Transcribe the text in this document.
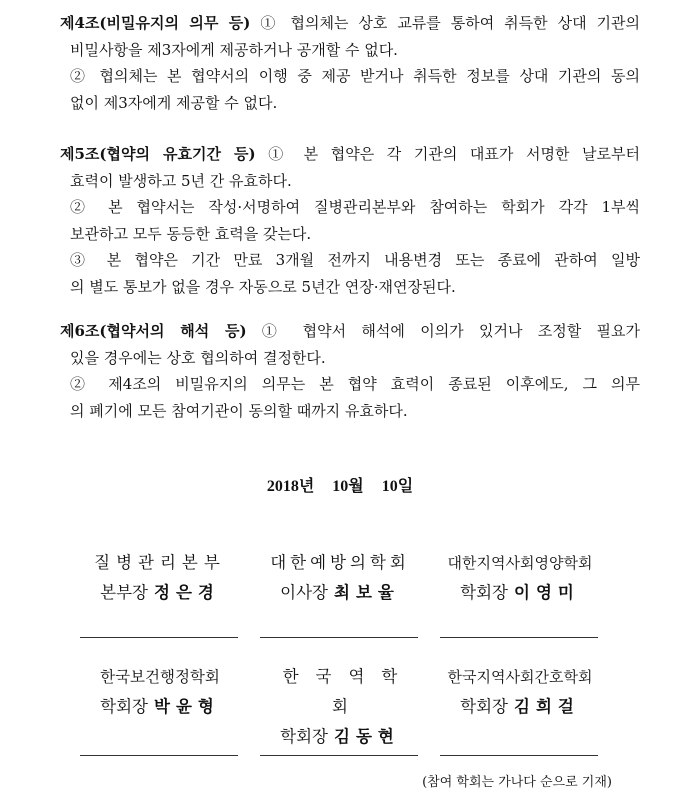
제4조(비밀유지의 의무 등) ① 협의체는 상호 교류를 통하여 취득한 상대 기관의
비밀사항을 제3자에게 제공하거나 공개할 수 없다.
② 협의체는 본 협약서의 이행 중 제공 받거나 취득한 정보를 상대 기관의 동의
없이 제3자에게 제공할 수 없다.
제5조(협약의 유효기간 등) ① 본 협약은 각 기관의 대표가 서명한 날로부터
효력이 발생하고 5년 간 유효하다.
② 본 협약서는 작성·서명하여 질병관리본부와 참여하는 학회가 각각 1부씩
보관하고 모두 동등한 효력을 갖는다.
③ 본 협약은 기간 만료 3개월 전까지 내용변경 또는 종료에 관하여 일방
의 별도 통보가 없을 경우 자동으로 5년간 연장·재연장된다.
제6조(협약서의 해석 등) ① 협약서 해석에 이의가 있거나 조정할 필요가
있을 경우에는 상호 협의하여 결정한다.
② 제4조의 비밀유지의 의무는 본 협약 효력이 종료된 이후에도, 그 의무
의 폐기에 모든 참여기관이 동의할 때까지 유효하다.
2018년 10월 10일
질병관리본부
본부장 정은경
대한예방의학회
이사장 최보율
대한지역사회영양학회
학회장 이영미
한국보건행정학회
학회장 박윤형
한국역학회
학회장 김동현
한국지역사회간호학회
학회장 김희걸
(참여 학회는 가나다 순으로 기재)
